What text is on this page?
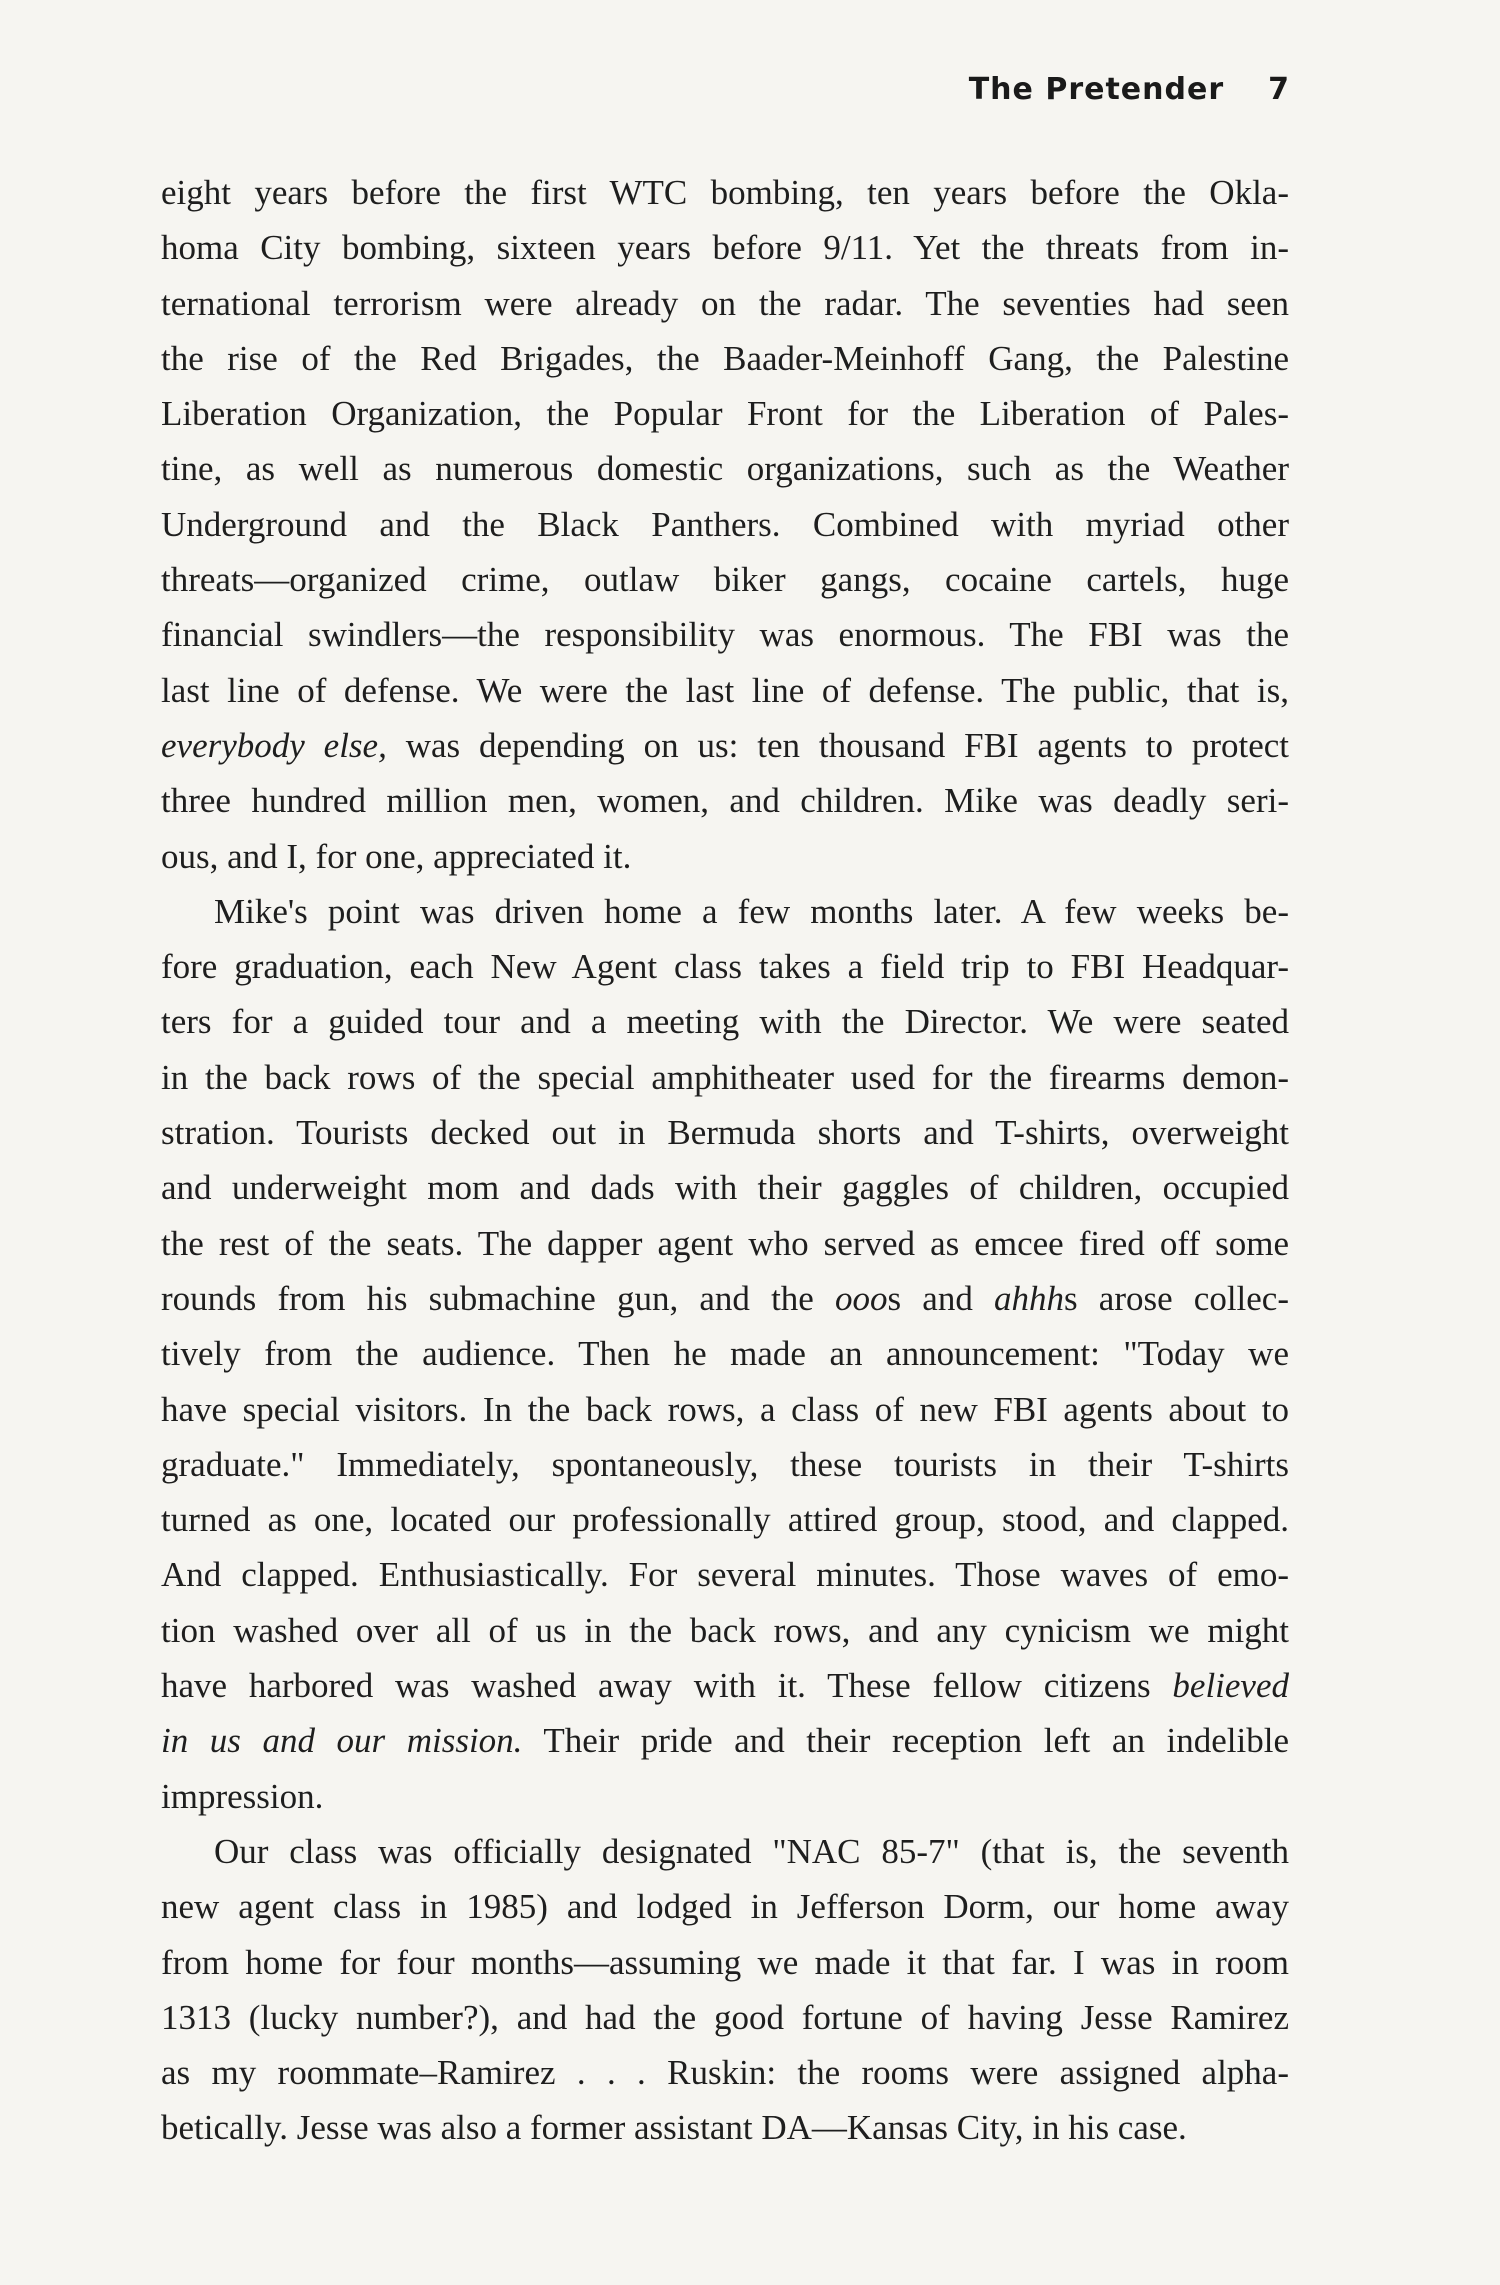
The Pretender 7
eight years before the first WTC bombing, ten years before the Okla-
homa City bombing, sixteen years before 9/11. Yet the threats from in-
ternational terrorism were already on the radar. The seventies had seen
the rise of the Red Brigades, the Baader-Meinhoff Gang, the Palestine
Liberation Organization, the Popular Front for the Liberation of Pales-
tine, as well as numerous domestic organizations, such as the Weather
Underground and the Black Panthers. Combined with myriad other
threats—organized crime, outlaw biker gangs, cocaine cartels, huge
financial swindlers—the responsibility was enormous. The FBI was the
last line of defense. We were the last line of defense. The public, that is,
everybody else, was depending on us: ten thousand FBI agents to protect
three hundred million men, women, and children. Mike was deadly seri-
ous, and I, for one, appreciated it.
Mike's point was driven home a few months later. A few weeks be-
fore graduation, each New Agent class takes a field trip to FBI Headquar-
ters for a guided tour and a meeting with the Director. We were seated
in the back rows of the special amphitheater used for the firearms demon-
stration. Tourists decked out in Bermuda shorts and T-shirts, overweight
and underweight mom and dads with their gaggles of children, occupied
the rest of the seats. The dapper agent who served as emcee fired off some
rounds from his submachine gun, and the ooos and ahhhs arose collec-
tively from the audience. Then he made an announcement: "Today we
have special visitors. In the back rows, a class of new FBI agents about to
graduate." Immediately, spontaneously, these tourists in their T-shirts
turned as one, located our professionally attired group, stood, and clapped.
And clapped. Enthusiastically. For several minutes. Those waves of emo-
tion washed over all of us in the back rows, and any cynicism we might
have harbored was washed away with it. These fellow citizens believed
in us and our mission. Their pride and their reception left an indelible
impression.
Our class was officially designated "NAC 85-7" (that is, the seventh
new agent class in 1985) and lodged in Jefferson Dorm, our home away
from home for four months—assuming we made it that far. I was in room
1313 (lucky number?), and had the good fortune of having Jesse Ramirez
as my roommate–Ramirez . . . Ruskin: the rooms were assigned alpha-
betically. Jesse was also a former assistant DA—Kansas City, in his case.
